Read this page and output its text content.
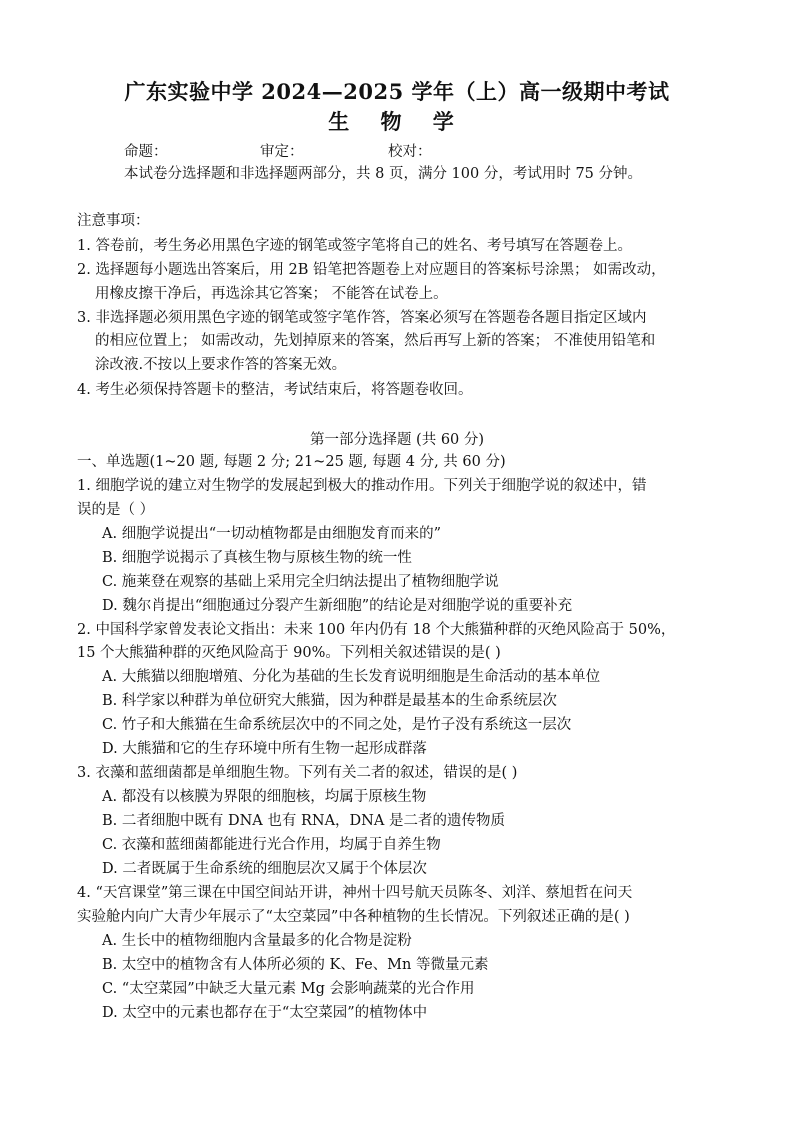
广东实验中学 2024—2025 学年（上）高一级期中考试
生 物 学
命题：	审定：	校对：
本试卷分选择题和非选择题两部分，共 8 页，满分 100 分，考试用时 75 分钟。
注意事项：
1. 答卷前，考生务必用黑色字迹的钢笔或签字笔将自己的姓名、考号填写在答题卷上。
2. 选择题每小题选出答案后，用 2B 铅笔把答题卷上对应题目的答案标号涂黑； 如需改动，
用橡皮擦干净后，再选涂其它答案； 不能答在试卷上。
3. 非选择题必须用黑色字迹的钢笔或签字笔作答，答案必须写在答题卷各题目指定区域内
的相应位置上； 如需改动，先划掉原来的答案，然后再写上新的答案； 不准使用铅笔和
涂改液.不按以上要求作答的答案无效。
4. 考生必须保持答题卡的整洁，考试结束后，将答题卷收回。
第一部分选择题 (共 60 分)
一、单选题(1~20 题, 每题 2 分; 21~25 题, 每题 4 分, 共 60 分)
1. 细胞学说的建立对生物学的发展起到极大的推动作用。下列关于细胞学说的叙述中，错
误的是（ ）
A. 细胞学说提出“一切动植物都是由细胞发育而来的”
B. 细胞学说揭示了真核生物与原核生物的统一性
C. 施莱登在观察的基础上采用完全归纳法提出了植物细胞学说
D. 魏尔肖提出“细胞通过分裂产生新细胞”的结论是对细胞学说的重要补充
2. 中国科学家曾发表论文指出：未来 100 年内仍有 18 个大熊猫种群的灭绝风险高于 50%，
15 个大熊猫种群的灭绝风险高于 90%。下列相关叙述错误的是( )
A. 大熊猫以细胞增殖、分化为基础的生长发育说明细胞是生命活动的基本单位
B. 科学家以种群为单位研究大熊猫，因为种群是最基本的生命系统层次
C. 竹子和大熊猫在生命系统层次中的不同之处，是竹子没有系统这一层次
D. 大熊猫和它的生存环境中所有生物一起形成群落
3. 衣藻和蓝细菌都是单细胞生物。下列有关二者的叙述，错误的是( )
A. 都没有以核膜为界限的细胞核，均属于原核生物
B. 二者细胞中既有 DNA 也有 RNA，DNA 是二者的遗传物质
C. 衣藻和蓝细菌都能进行光合作用，均属于自养生物
D. 二者既属于生命系统的细胞层次又属于个体层次
4. “天宫课堂”第三课在中国空间站开讲，神州十四号航天员陈冬、刘洋、蔡旭哲在问天
实验舱内向广大青少年展示了“太空菜园”中各种植物的生长情况。下列叙述正确的是( )
A. 生长中的植物细胞内含量最多的化合物是淀粉
B. 太空中的植物含有人体所必须的 K、Fe、Mn 等微量元素
C. “太空菜园”中缺乏大量元素 Mg 会影响蔬菜的光合作用
D. 太空中的元素也都存在于“太空菜园”的植物体中
